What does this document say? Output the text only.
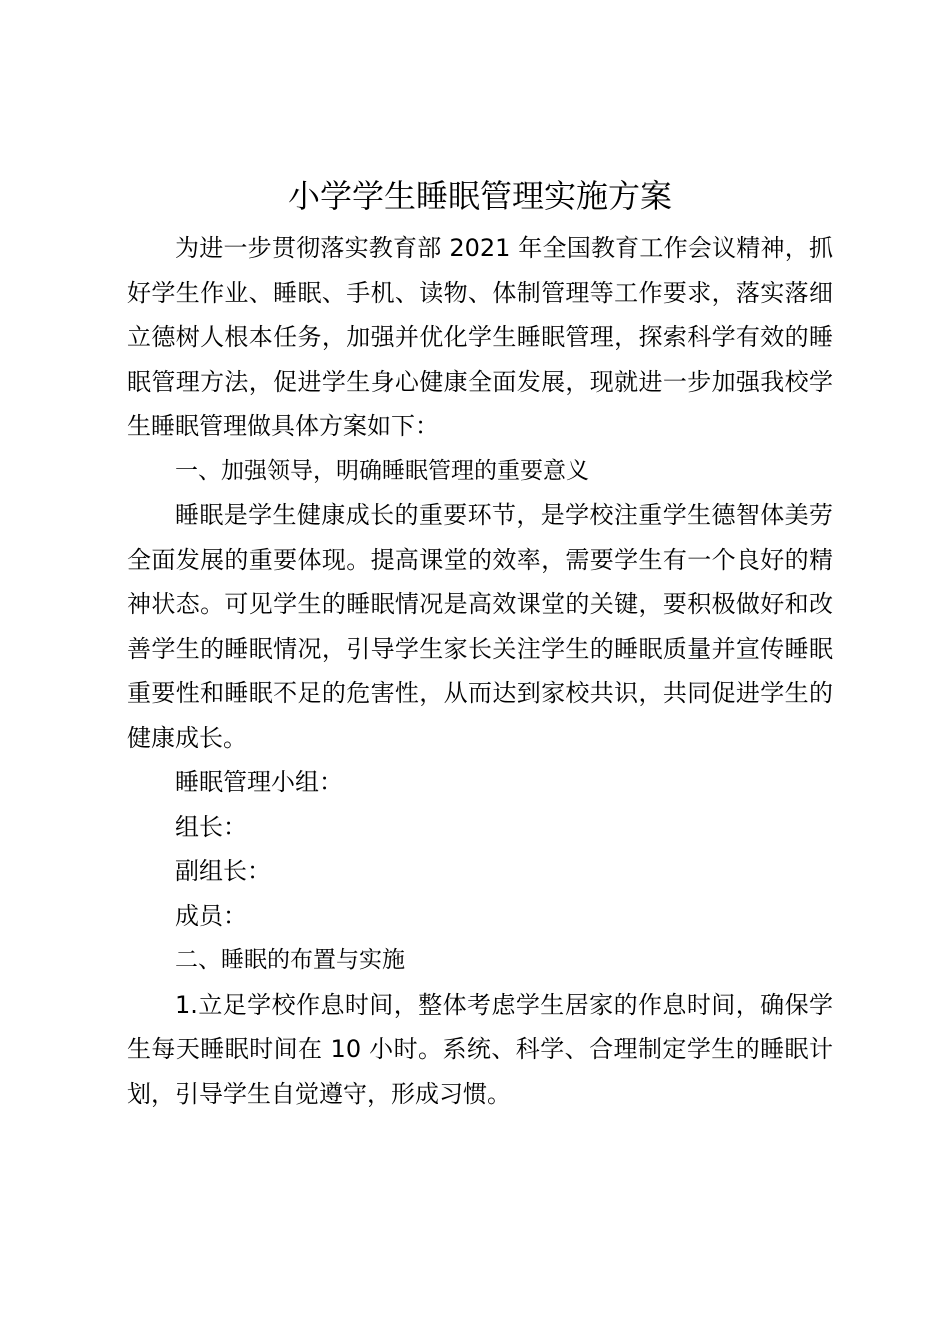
小学学生睡眠管理实施方案

为进一步贯彻落实教育部 2021 年全国教育工作会议精神，抓好学生作业、睡眠、手机、读物、体制管理等工作要求，落实落细立德树人根本任务，加强并优化学生睡眠管理，探索科学有效的睡眠管理方法，促进学生身心健康全面发展，现就进一步加强我校学生睡眠管理做具体方案如下：

一、加强领导，明确睡眠管理的重要意义

睡眠是学生健康成长的重要环节，是学校注重学生德智体美劳全面发展的重要体现。提高课堂的效率，需要学生有一个良好的精神状态。可见学生的睡眠情况是高效课堂的关键，要积极做好和改善学生的睡眠情况，引导学生家长关注学生的睡眠质量并宣传睡眠重要性和睡眠不足的危害性，从而达到家校共识，共同促进学生的健康成长。

睡眠管理小组：

组长：

副组长：

成员：

二、睡眠的布置与实施

1.立足学校作息时间，整体考虑学生居家的作息时间，确保学生每天睡眠时间在 10 小时。系统、科学、合理制定学生的睡眠计划，引导学生自觉遵守，形成习惯。
